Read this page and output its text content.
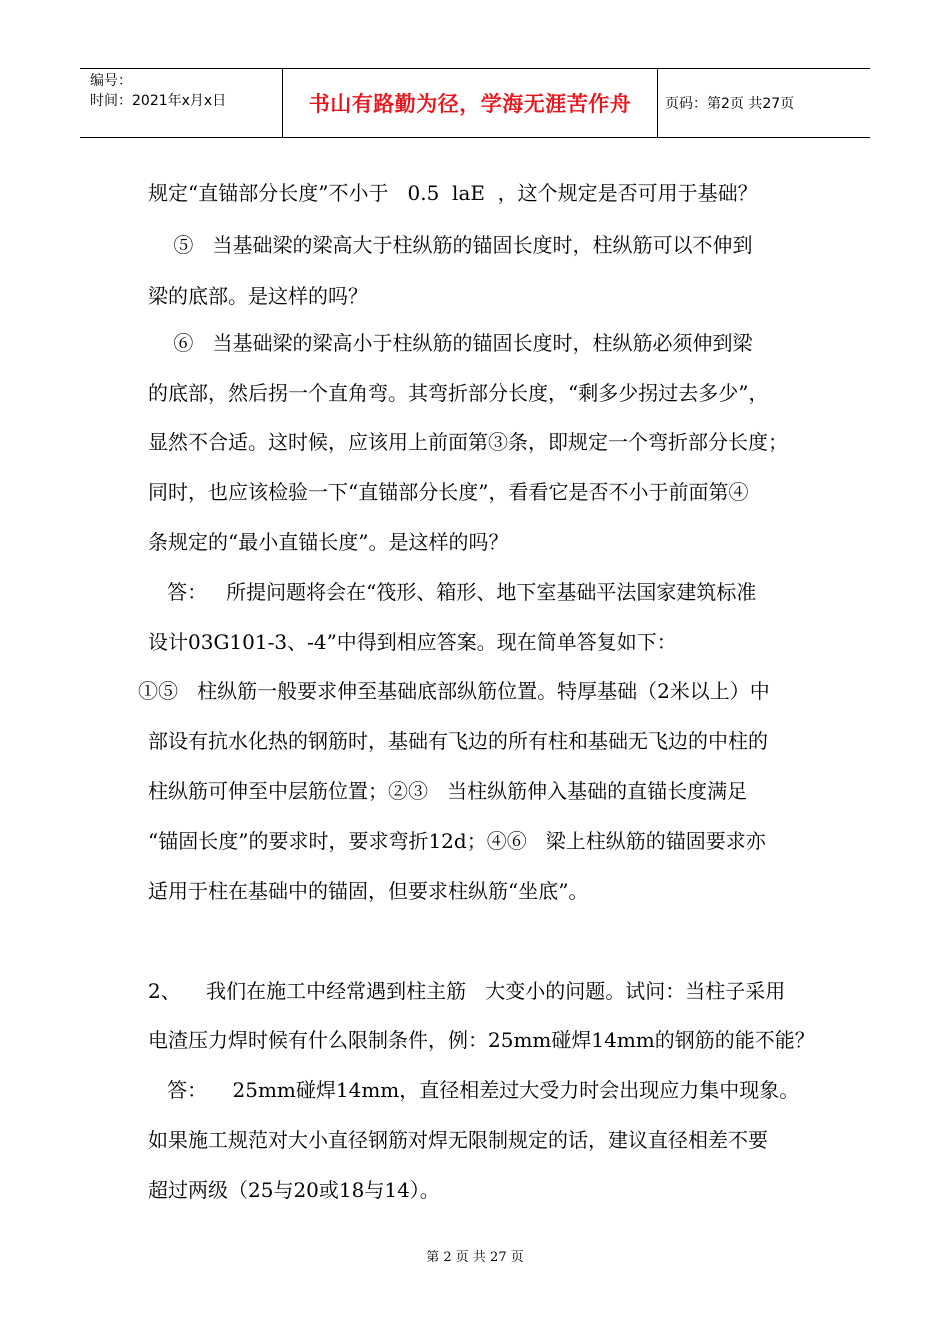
编号：
时间：2021年x月x日	书山有路勤为径，学海无涯苦作舟	页码：第2页 共27页
规定“直锚部分长度”不小于   0.5  laE  ，这个规定是否可用于基础？
⑤   当基础梁的梁高大于柱纵筋的锚固长度时，柱纵筋可以不伸到
梁的底部。是这样的吗？
⑥   当基础梁的梁高小于柱纵筋的锚固长度时，柱纵筋必须伸到梁
的底部，然后拐一个直角弯。其弯折部分长度，“剩多少拐过去多少”，
显然不合适。这时候，应该用上前面第③条，即规定一个弯折部分长度；
同时，也应该检验一下“直锚部分长度”，看看它是否不小于前面第④
条规定的“最小直锚长度”。是这样的吗？
答：   所提问题将会在“筏形、箱形、地下室基础平法国家建筑标准
设计03G101-3、-4”中得到相应答案。现在简单答复如下：
①⑤   柱纵筋一般要求伸至基础底部纵筋位置。特厚基础（2米以上）中
部设有抗水化热的钢筋时，基础有飞边的所有柱和基础无飞边的中柱的
柱纵筋可伸至中层筋位置；②③   当柱纵筋伸入基础的直锚长度满足
“锚固长度”的要求时，要求弯折12d；④⑥   梁上柱纵筋的锚固要求亦
适用于柱在基础中的锚固，但要求柱纵筋“坐底”。
2、    我们在施工中经常遇到柱主筋   大变小的问题。试问：当柱子采用
电渣压力焊时候有什么限制条件，例：25mm碰焊14mm的钢筋的能不能？
答：    25mm碰焊14mm，直径相差过大受力时会出现应力集中现象。
如果施工规范对大小直径钢筋对焊无限制规定的话，建议直径相差不要
超过两级（25与20或18与14）。
第 2 页 共 27 页
